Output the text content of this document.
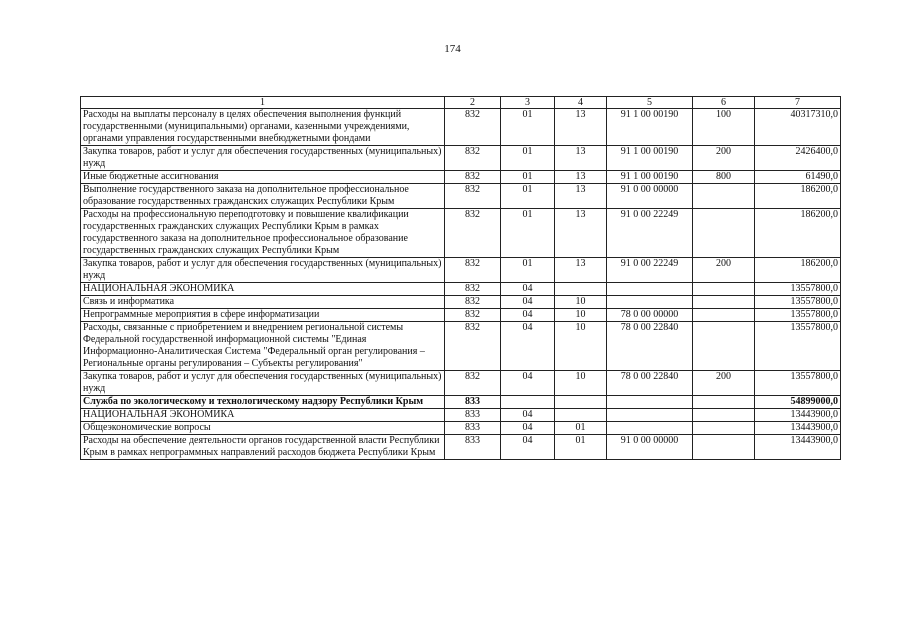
174
1	2	3	4	5	6	7
Расходы на выплаты персоналу в целях обеспечения выполнения функций государственными (муниципальными) органами, казенными учреждениями, органами управления государственными внебюджетными фондами	832	01	13	91 1 00 00190	100	40317310,0
Закупка товаров, работ и услуг для обеспечения государственных (муниципальных) нужд	832	01	13	91 1 00 00190	200	2426400,0
Иные бюджетные ассигнования	832	01	13	91 1 00 00190	800	61490,0
Выполнение государственного заказа на дополнительное профессиональное образование государственных гражданских служащих Республики Крым	832	01	13	91 0 00 00000		186200,0
Расходы на профессиональную переподготовку и повышение квалификации государственных гражданских служащих Республики Крым в рамках государственного заказа на дополнительное профессиональное образование государственных гражданских служащих Республики Крым	832	01	13	91 0 00 22249		186200,0
Закупка товаров, работ и услуг для обеспечения государственных (муниципальных) нужд	832	01	13	91 0 00 22249	200	186200,0
НАЦИОНАЛЬНАЯ ЭКОНОМИКА	832	04				13557800,0
Связь и информатика	832	04	10			13557800,0
Непрограммные мероприятия в сфере информатизации	832	04	10	78 0 00 00000		13557800,0
Расходы, связанные с приобретением и внедрением региональной системы Федеральной государственной информационной системы "Единая Информационно-Аналитическая Система "Федеральный орган регулирования – Региональные органы регулирования – Субъекты регулирования"	832	04	10	78 0 00 22840		13557800,0
Закупка товаров, работ и услуг для обеспечения государственных (муниципальных) нужд	832	04	10	78 0 00 22840	200	13557800,0
Служба по экологическому и технологическому надзору Республики Крым	833					54899000,0
НАЦИОНАЛЬНАЯ ЭКОНОМИКА	833	04				13443900,0
Общеэкономические вопросы	833	04	01			13443900,0
Расходы на обеспечение деятельности органов государственной власти Республики Крым в рамках непрограммных направлений расходов бюджета Республики Крым	833	04	01	91 0 00 00000		13443900,0
